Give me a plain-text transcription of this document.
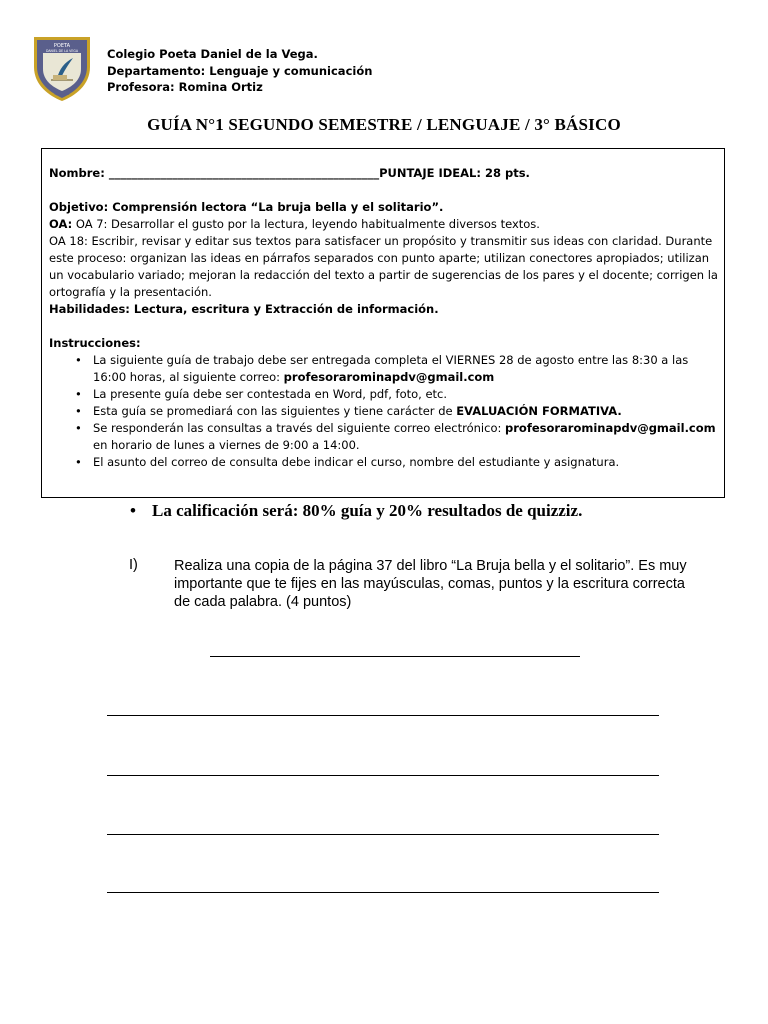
POETA
DANIEL DE LA VEGA
QUILPUE
Colegio Poeta Daniel de la Vega.
Departamento: Lenguaje y comunicación
Profesora: Romina Ortiz
GUÍA N°1 SEGUNDO SEMESTRE / LENGUAJE / 3° BÁSICO

Nombre: _______________________________________________PUNTAJE IDEAL: 28 pts.

Objetivo: Comprensión lectora “La bruja bella y el solitario”.

OA: OA 7: Desarrollar el gusto por la lectura, leyendo habitualmente diversos textos.

OA 18: Escribir, revisar y editar sus textos para satisfacer un propósito y transmitir sus ideas con claridad. Durante este proceso: organizan las ideas en párrafos separados con punto aparte; utilizan conectores apropiados; utilizan un vocabulario variado; mejoran la redacción del texto a partir de sugerencias de los pares y el docente; corrigen la ortografía y la presentación.

Habilidades: Lectura, escritura y Extracción de información.

Instrucciones:

• La siguiente guía de trabajo debe ser entregada completa el VIERNES 28 de agosto entre las 8:30 a las 16:00 horas, al siguiente correo: profesorarominapdv@gmail.com
• La presente guía debe ser contestada en Word, pdf, foto, etc.
• Esta guía se promediará con las siguientes y tiene carácter de EVALUACIÓN FORMATIVA.
• Se responderán las consultas a través del siguiente correo electrónico: profesorarominapdv@gmail.com en horario de lunes a viernes de 9:00 a 14:00.
• El asunto del correo de consulta debe indicar el curso, nombre del estudiante y asignatura.
• La calificación será: 80% guía y 20% resultados de quizziz.
I) Realiza una copia de la página 37 del libro “La Bruja bella y el solitario”. Es muy importante que te fijes en las mayúsculas, comas, puntos y la escritura correcta de cada palabra. (4 puntos)
